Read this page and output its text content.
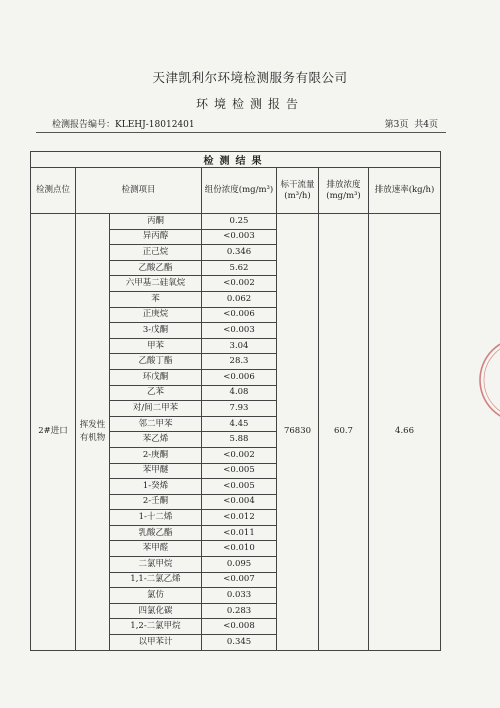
天津凯利尔环境检测服务有限公司
环境检测报告
检测报告编号：KLEHJ-18012401	第3页 共4页
检测结果						
检测点位	检测项目		组份浓度(mg/m³)	标干流量(m³/h)	排放浓度(mg/m³)	排放速率(kg/h)
2#进口	挥发性有机物	丙酮	0.25	76830	60.7	4.66
		异丙醇	<0.003			
		正己烷	0.346			
		乙酸乙酯	5.62			
		六甲基二硅氧烷	<0.002			
		苯	0.062			
		正庚烷	<0.006			
		3-戊酮	<0.003			
		甲苯	3.04			
		乙酸丁酯	28.3			
		环戊酮	<0.006			
		乙苯	4.08			
		对/间二甲苯	7.93			
		邻二甲苯	4.45			
		苯乙烯	5.88			
		2-庚酮	<0.002			
		苯甲醚	<0.005			
		1-癸烯	<0.005			
		2-壬酮	<0.004			
		1-十二烯	<0.012			
		乳酸乙酯	<0.011			
		苯甲醛	<0.010			
		二氯甲烷	0.095			
		1,1-二氯乙烯	<0.007			
		氯仿	0.033			
		四氯化碳	0.283			
		1,2-二氯甲烷	<0.008			
		以甲苯计	0.345			
